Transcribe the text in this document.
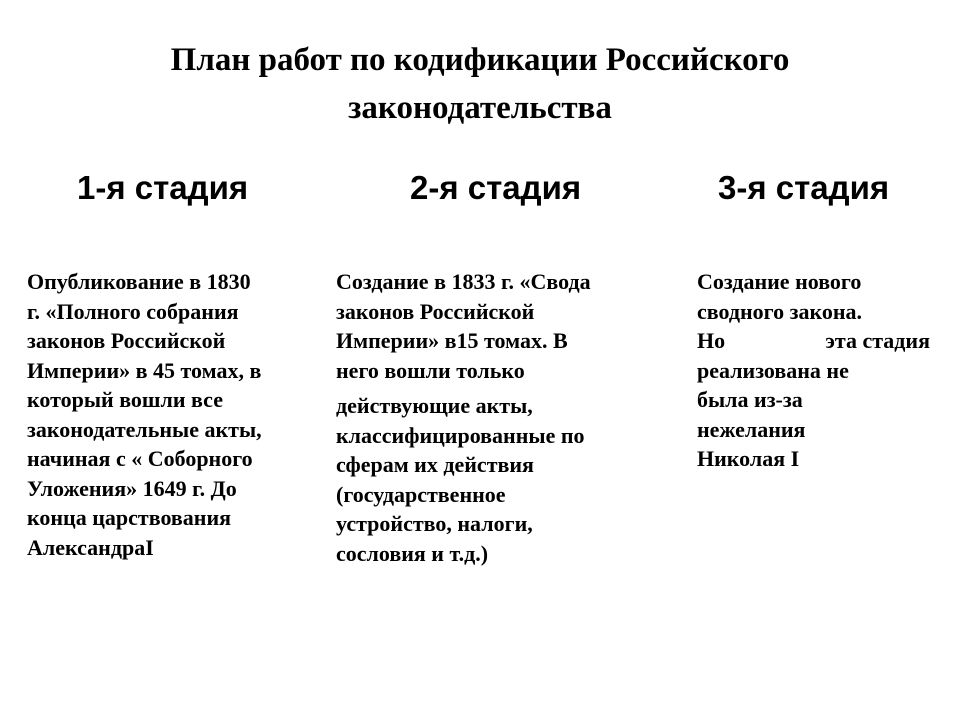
План работ по кодификации Российского
законодательства
1-я стадия
Опубликование в 1830
г. «Полного собрания
законов Российской
Империи» в 45 томах, в
который вошли все
законодательные акты,
начиная с « Соборного
Уложения» 1649 г. До
конца царствования
АлександраI
2-я стадия
Создание в 1833 г. «Свода
законов Российской
Империи» в15 томах. В
него вошли только
действующие акты,
классифицированные по
сферам их действия
(государственное
устройство, налоги,
сословия и т.д.)
3-я стадия
Создание нового
сводного закона.
Но	эта стадия
реализована не
была из-за
нежелания
Николая I
